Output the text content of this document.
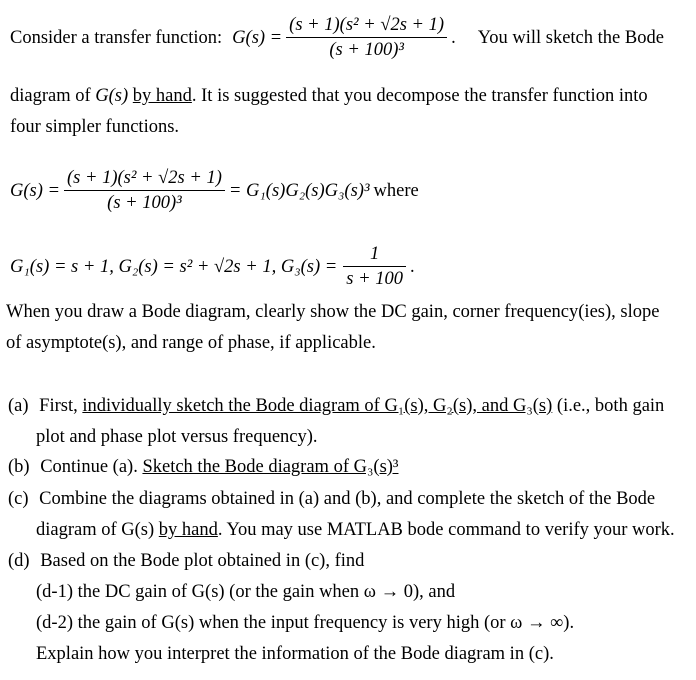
Consider a transfer function: $G(s) = \frac{\text{(s + 1)(s² + √2s + 1)}}{\text{(s + 100)³}}$ . You will sketch the Bode
diagram of G(s) by hand. It is suggested that you decompose the transfer function into
four simpler functions.
$G(s) = \frac{\text{(s + 1)(s² + √2s + 1)}}{\text{(s + 100)³}} = G_1(s)G_2(s)G_3(s)^3$ where
G₁(s) = s + 1, G₂(s) = s² + √2s + 1, $G_3(s) = \frac{1}{s + 100}$ .
When you draw a Bode diagram, clearly show the DC gain, corner frequency(ies), slope
of asymptote(s), and range of phase, if applicable.
(a) First, individually sketch the Bode diagram of G₁(s), G₂(s), and G₃(s) (i.e., both gain
plot and phase plot versus frequency).
(b) Continue (a). Sketch the Bode diagram of G₃(s)³
(c) Combine the diagrams obtained in (a) and (b), and complete the sketch of the Bode
diagram of G(s) by hand. You may use MATLAB bode command to verify your work.
(d) Based on the Bode plot obtained in (c), find
(d-1) the DC gain of G(s) (or the gain when ω → 0), and
(d-2) the gain of G(s) when the input frequency is very high (or ω → ∞).
Explain how you interpret the information of the Bode diagram in (c).
